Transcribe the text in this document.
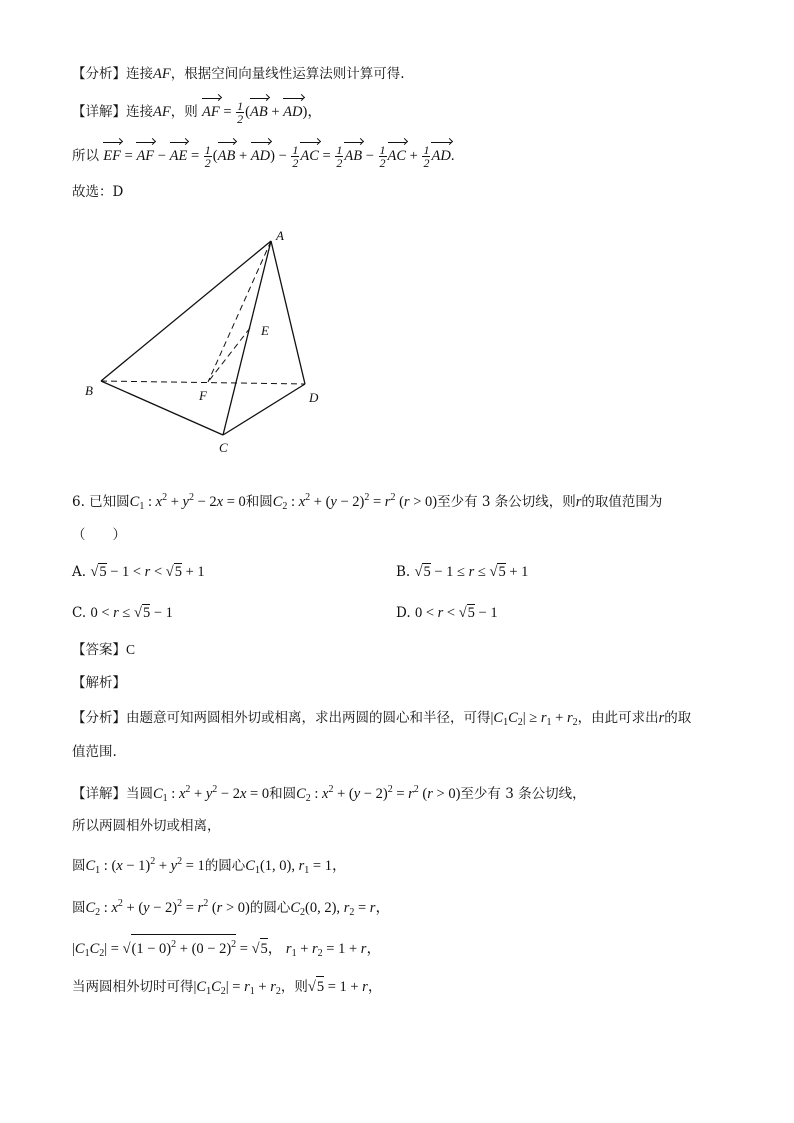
【分析】连接AF，根据空间向量线性运算法则计算可得.
【详解】连接AF，则 AF = $\frac{1}{2} (AB + AD)$，
所以 EF = AF − AE = $\frac{1}{2} (AB + AD) - \frac{1}{2}$ AC = $\frac{1}{2}$ AB − $\frac{1}{2}$ AC + $\frac{1}{2}$ AD.
故选：D
A
B
C
D
E
F
6. 已知圆$C_1$ : $x^2 + y^2 - 2x = 0$和圆$C_2$ : $x^2 + (y - 2)^2 = r^2$ (r > 0)至少有 3 条公切线，则r的取值范围为
（　　）
A. √5 − 1 < r < √5 + 1	B. √5 − 1 ≤ r ≤ √5 + 1
C. 0 < r ≤ √5 − 1	D. 0 < r < √5 − 1
【答案】C
【解析】
【分析】由题意可知两圆相外切或相离，求出两圆的圆心和半径，可得$|C_1C_2| \ge r_1 + r_2$，由此可求出r的取
值范围.
【详解】当圆$C_1$ : $x^2 + y^2 - 2x = 0$和圆$C_2$ : $x^2 + (y - 2)^2 = r^2$ (r > 0)至少有 3 条公切线，
所以两圆相外切或相离，
圆$C_1$ : $(x - 1)^2 + y^2 = 1$的圆心$C_1(1$, 0), $r_1 = 1$，
圆$C_2$ : $x^2 + (y - 2)^2 = r^2$ (r > 0)的圆心$C_2(0$, 2), $r_2 = r$，
$|C_1C_2| = √(1 - 0)^2 + (0 - 2)^2 = √5$， $r_1 + r_2 = 1 + r$，
当两圆相外切时可得$|C_1C_2| = r_1 + r_2$，则√5 = 1 + r，
